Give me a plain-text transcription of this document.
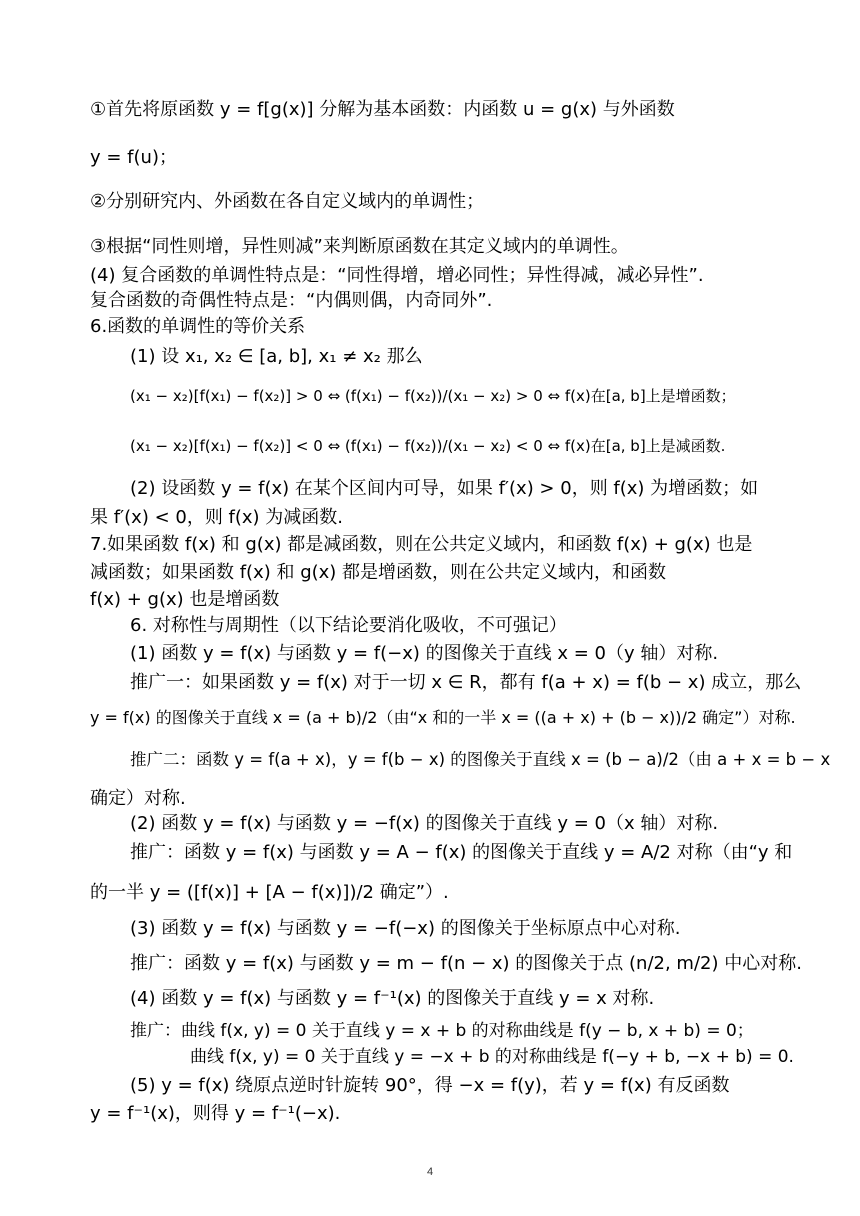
①首先将原函数 y = f[g(x)] 分解为基本函数：内函数 u = g(x) 与外函数
y = f(u)；
②分别研究内、外函数在各自定义域内的单调性；
③根据“同性则增，异性则减”来判断原函数在其定义域内的单调性。
(4) 复合函数的单调性特点是：“同性得增，增必同性；异性得减，减必异性”.
复合函数的奇偶性特点是：“内偶则偶，内奇同外”.
6.函数的单调性的等价关系
(1) 设 x₁, x₂ ∈ [a, b], x₁ ≠ x₂ 那么
(x₁ − x₂)[f(x₁) − f(x₂)] > 0 ⇔ (f(x₁) − f(x₂))/(x₁ − x₂) > 0 ⇔ f(x)在[a, b]上是增函数；
(x₁ − x₂)[f(x₁) − f(x₂)] < 0 ⇔ (f(x₁) − f(x₂))/(x₁ − x₂) < 0 ⇔ f(x)在[a, b]上是减函数.
(2) 设函数 y = f(x) 在某个区间内可导，如果 f′(x) > 0，则 f(x) 为增函数；如
果 f′(x) < 0，则 f(x) 为减函数.
7.如果函数 f(x) 和 g(x) 都是减函数，则在公共定义域内，和函数 f(x) + g(x) 也是
减函数；如果函数 f(x) 和 g(x) 都是增函数，则在公共定义域内，和函数
f(x) + g(x) 也是增函数
6. 对称性与周期性（以下结论要消化吸收，不可强记）
(1) 函数 y = f(x) 与函数 y = f(−x) 的图像关于直线 x = 0（y 轴）对称.
推广一：如果函数 y = f(x) 对于一切 x ∈ R，都有 f(a + x) = f(b − x) 成立，那么
y = f(x) 的图像关于直线 x = (a + b)/2（由“x 和的一半 x = ((a + x) + (b − x))/2 确定”）对称.
推广二：函数 y = f(a + x)，y = f(b − x) 的图像关于直线 x = (b − a)/2（由 a + x = b − x
确定）对称.
(2) 函数 y = f(x) 与函数 y = −f(x) 的图像关于直线 y = 0（x 轴）对称.
推广：函数 y = f(x) 与函数 y = A − f(x) 的图像关于直线 y = A/2 对称（由“y 和
的一半 y = ([f(x)] + [A − f(x)])/2 确定”）.
(3) 函数 y = f(x) 与函数 y = −f(−x) 的图像关于坐标原点中心对称.
推广：函数 y = f(x) 与函数 y = m − f(n − x) 的图像关于点 (n/2, m/2) 中心对称.
(4) 函数 y = f(x) 与函数 y = f⁻¹(x) 的图像关于直线 y = x 对称.
推广：曲线 f(x, y) = 0 关于直线 y = x + b 的对称曲线是 f(y − b, x + b) = 0；
曲线 f(x, y) = 0 关于直线 y = −x + b 的对称曲线是 f(−y + b, −x + b) = 0.
(5) y = f(x) 绕原点逆时针旋转 90°，得 −x = f(y)，若 y = f(x) 有反函数
y = f⁻¹(x)，则得 y = f⁻¹(−x).
4
